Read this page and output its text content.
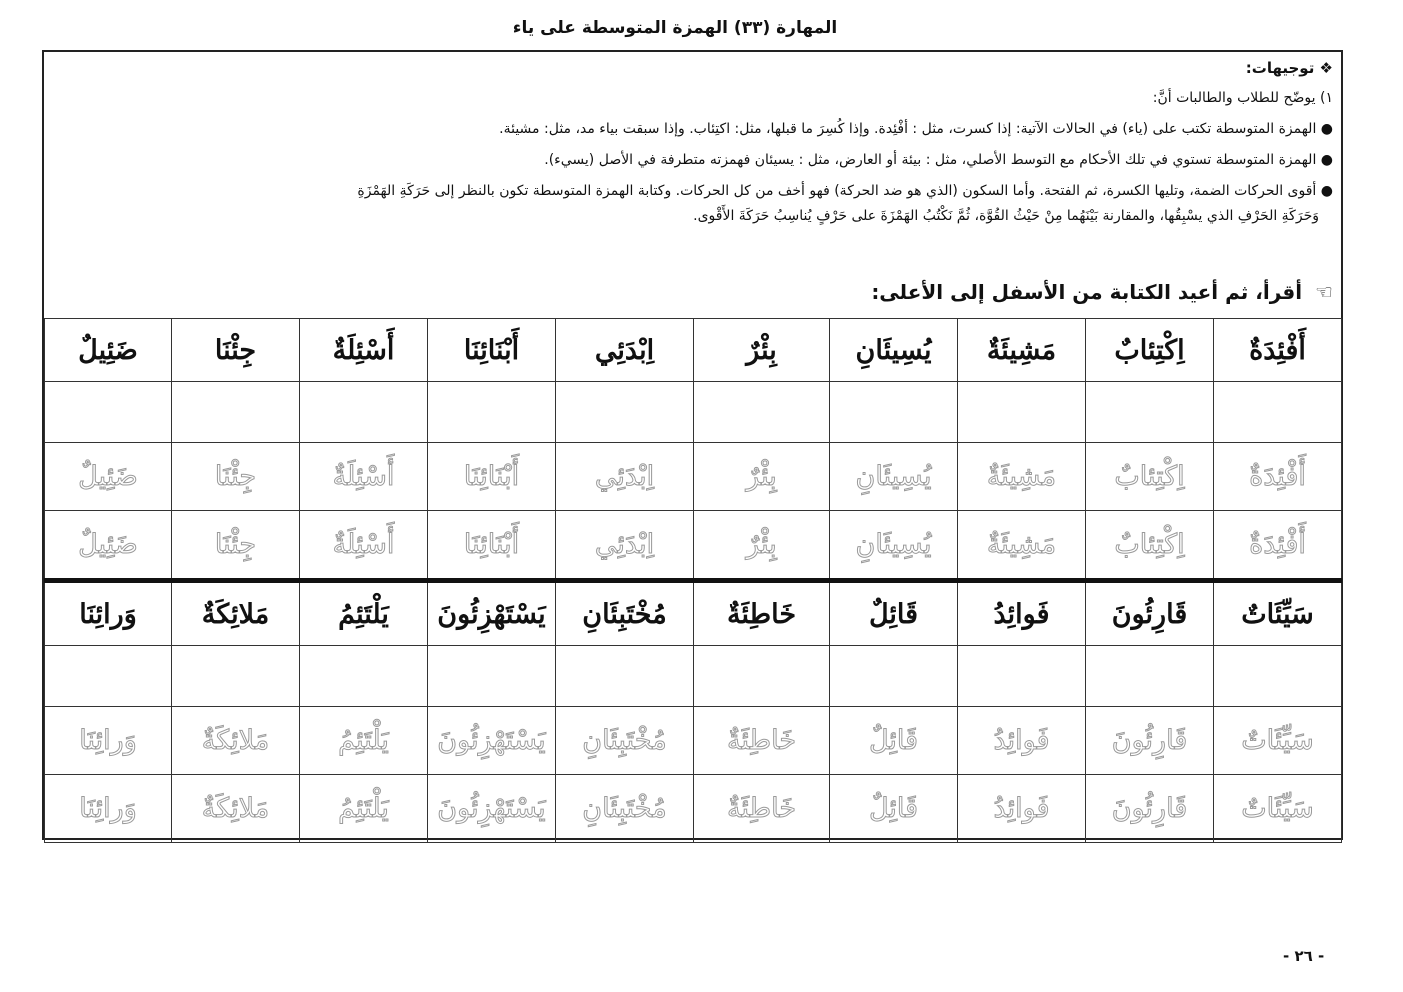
المهارة (٣٣) الهمزة المتوسطة على ياء
❖ توجيهات:
١) يوضّح للطلاب والطالبات أنَّ:
● الهمزة المتوسطة تكتب على (ياء) في الحالات الآتية: إذا كسرت، مثل : أفْئِدة. وإذا كُسِرَ ما قبلها، مثل: اكتِئاب. وإذا سبقت بياء مد، مثل: مشيئة.
● الهمزة المتوسطة تستوي في تلك الأحكام مع التوسط الأصلي، مثل : بيئة أو العارض، مثل : يسيئان فهمزته متطرفة في الأصل (يسيء).
● أقوى الحركات الضمة، وتليها الكسرة، ثم الفتحة. وأما السكون (الذي هو ضد الحركة) فهو أخف من كل الحركات. وكتابة الهمزة المتوسطة تكون بالنظر إلى حَرَكَةِ الهَمْزَةِ
وَحَرَكَةِ الحَرْفِ الذي يسْبِقُها، والمقارنة بَيْنَهُما مِنْ حَيْثُ القُوَّة، ثُمَّ نَكْتُبُ الهَمْزَةَ على حَرْفٍ يُناسِبُ حَرَكَةَ الأَقْوى.
☜ أقرأ، ثم أعيد الكتابة من الأسفل إلى الأعلى:
أَفْئِدَةٌ	اِكْتِئابٌ	مَشِيئَةٌ	يُسِيئَانِ	بِئْرٌ	اِبْدَئِي	أَبْنَائِنَا	أَسْئِلَةٌ	جِئْنَا	ضَئِيلٌ

أَفْئِدَةٌ	اِكْتِئابٌ	مَشِيئَةٌ	يُسِيئَانِ	بِئْرٌ	اِبْدَئِي	أَبْنَائِنَا	أَسْئِلَةٌ	جِئْنَا	ضَئِيلٌ
أَفْئِدَةٌ	اِكْتِئابٌ	مَشِيئَةٌ	يُسِيئَانِ	بِئْرٌ	اِبْدَئِي	أَبْنَائِنَا	أَسْئِلَةٌ	جِئْنَا	ضَئِيلٌ
سَيِّئَاتٌ	قَارِئُونَ	فَوائِدُ	قَائِلٌ	خَاطِئَةٌ	مُخْتَبِئَانِ	يَسْتَهْزِئُونَ	يَلْتَئِمُ	مَلائِكَةٌ	وَرائِنَا

سَيِّئَاتٌ	قَارِئُونَ	فَوائِدُ	قَائِلٌ	خَاطِئَةٌ	مُخْتَبِئَانِ	يَسْتَهْزِئُونَ	يَلْتَئِمُ	مَلائِكَةٌ	وَرائِنَا
سَيِّئَاتٌ	قَارِئُونَ	فَوائِدُ	قَائِلٌ	خَاطِئَةٌ	مُخْتَبِئَانِ	يَسْتَهْزِئُونَ	يَلْتَئِمُ	مَلائِكَةٌ	وَرائِنَا
- ٢٦ -
